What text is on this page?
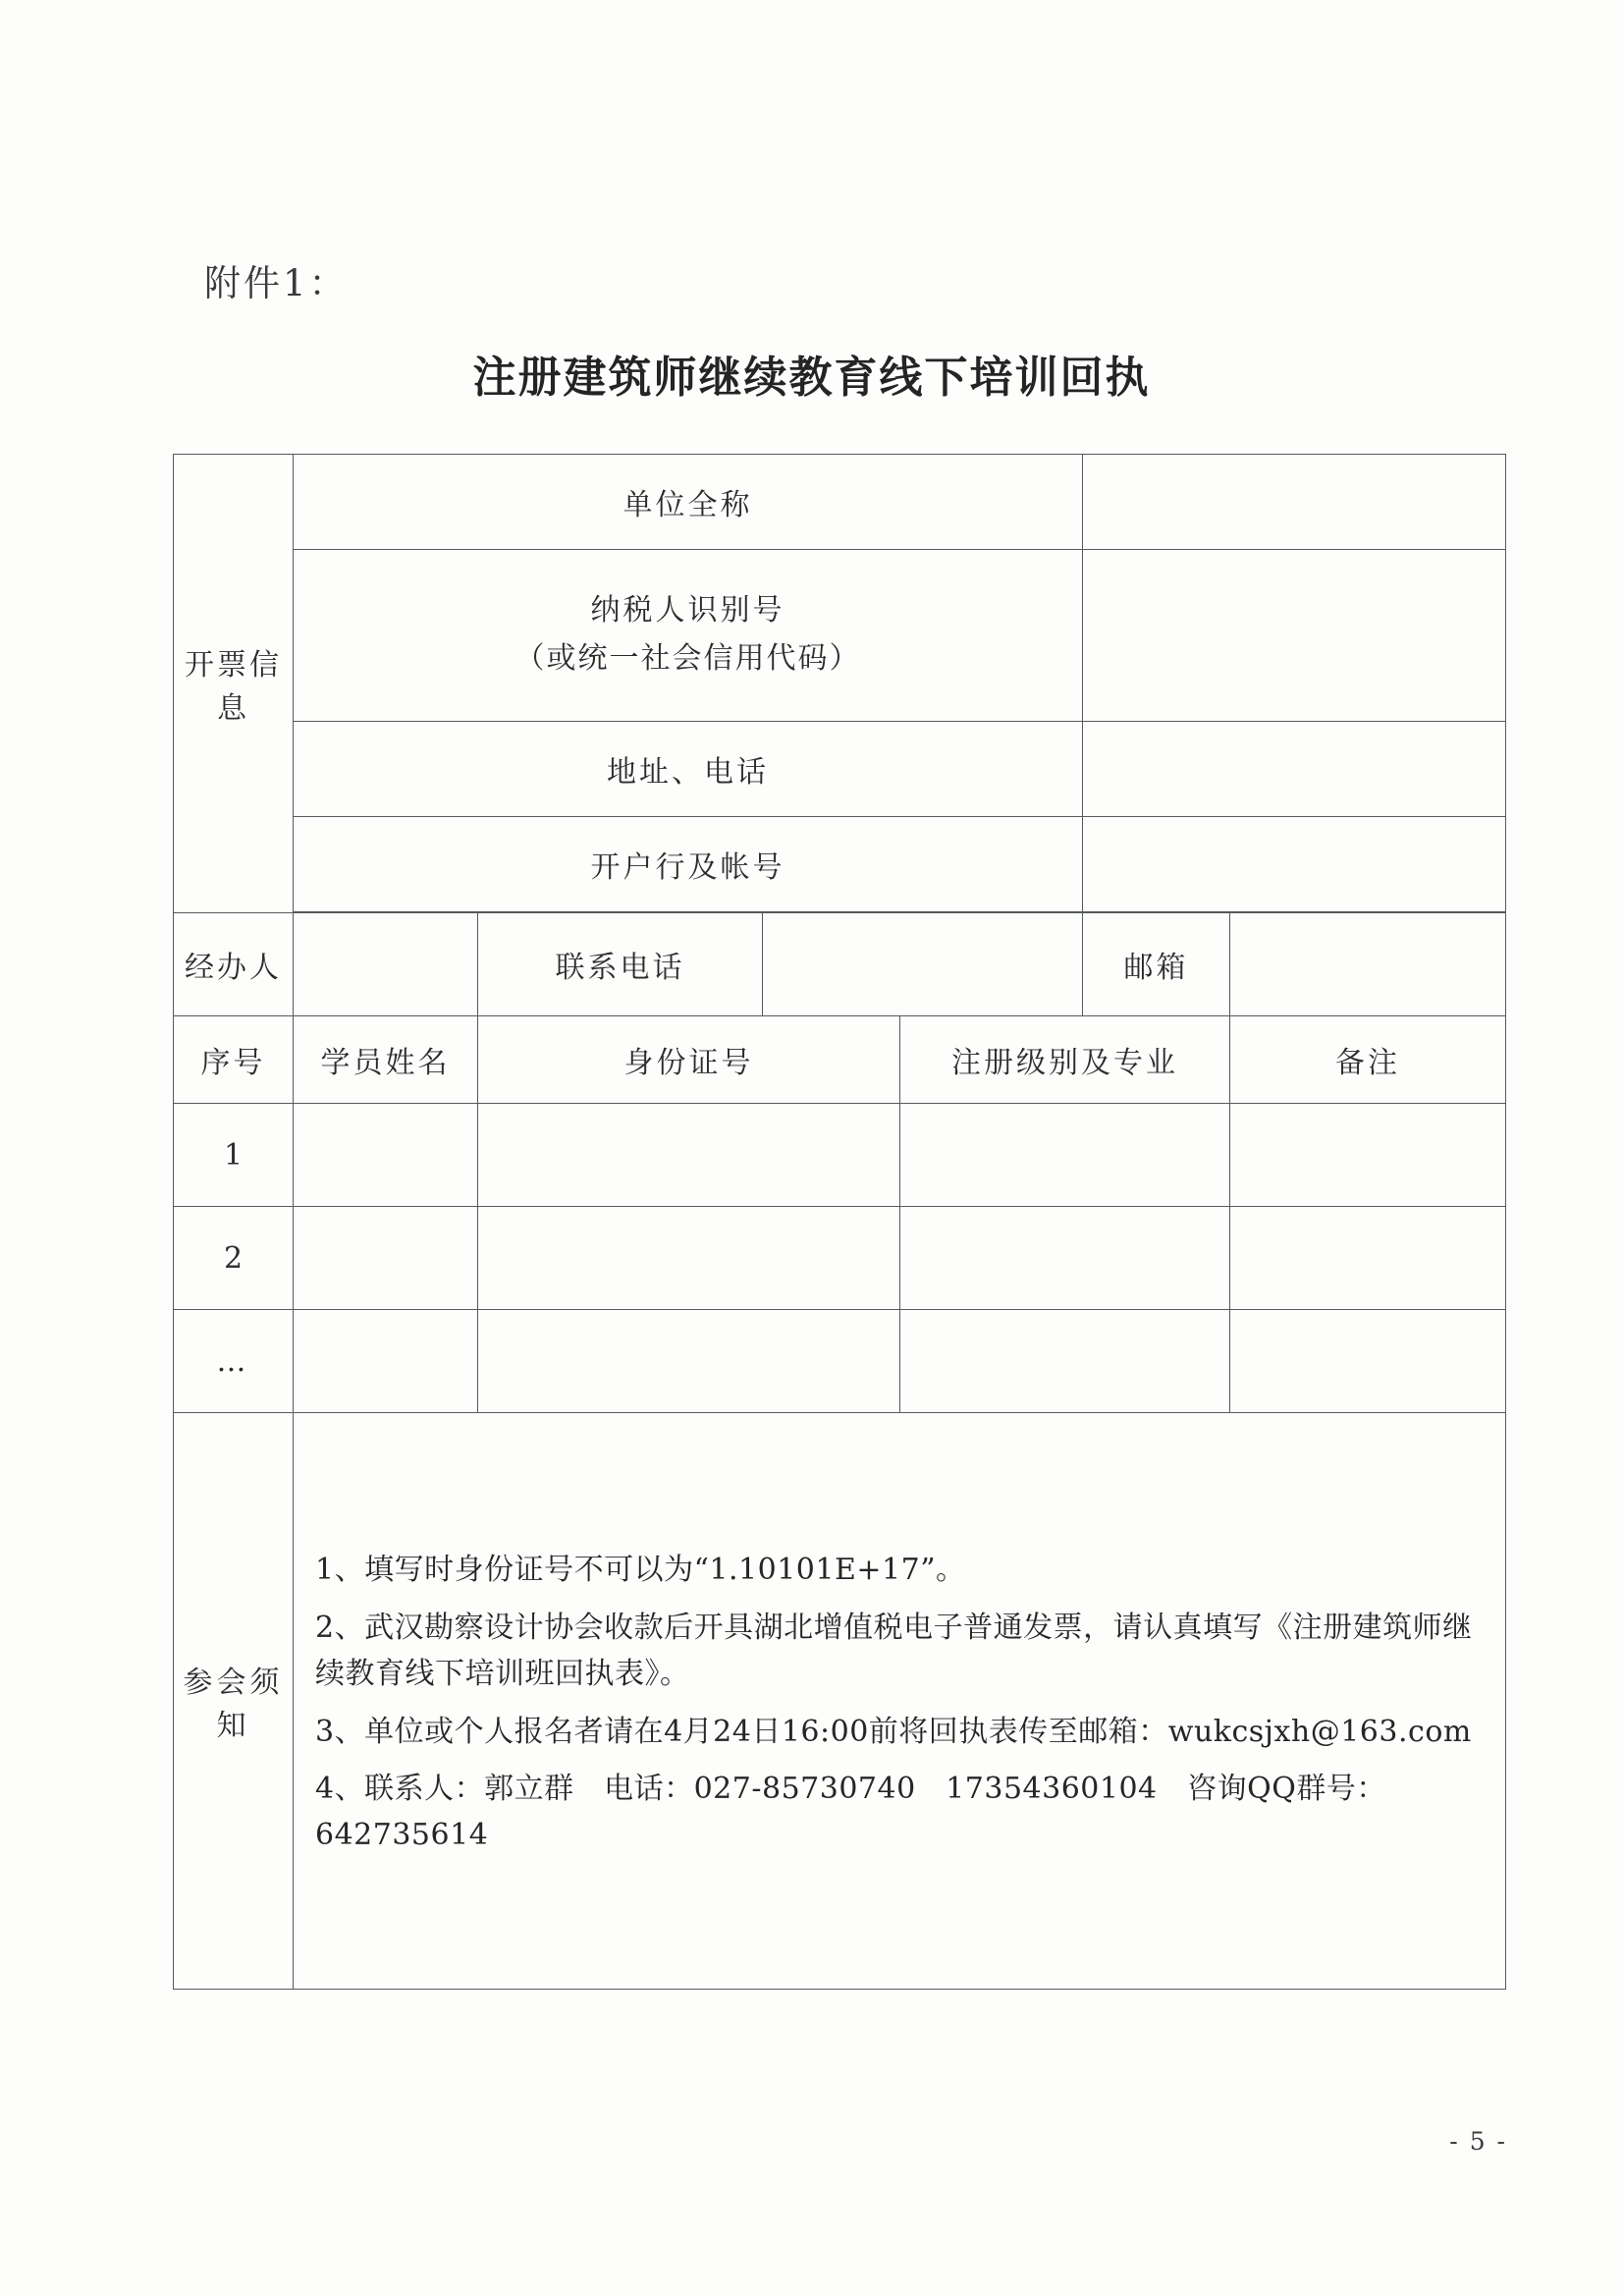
附件1：
注册建筑师继续教育线下培训回执
开票信息	单位全称					

	纳税人识别号
（或统一社会信用代码）					

	地址、电话					
	开户行及帐号					

经办人		联系电话			邮箱	
序号	学员姓名	身份证号		注册级别及专业		备注
1						
2						
…						
参会须知	1、填写时身份证号不可以为“1.10101E+17”。

2、武汉勘察设计协会收款后开具湖北增值税电子普通发票，请认真填写《注册建筑师继续教育线下培训班回执表》。

3、单位或个人报名者请在4月24日16:00前将回执表传至邮箱：wukcsjxh@163.com

4、联系人：郭立群　电话：027-85730740　17354360104　咨询QQ群号：642735614					

- 5 -
